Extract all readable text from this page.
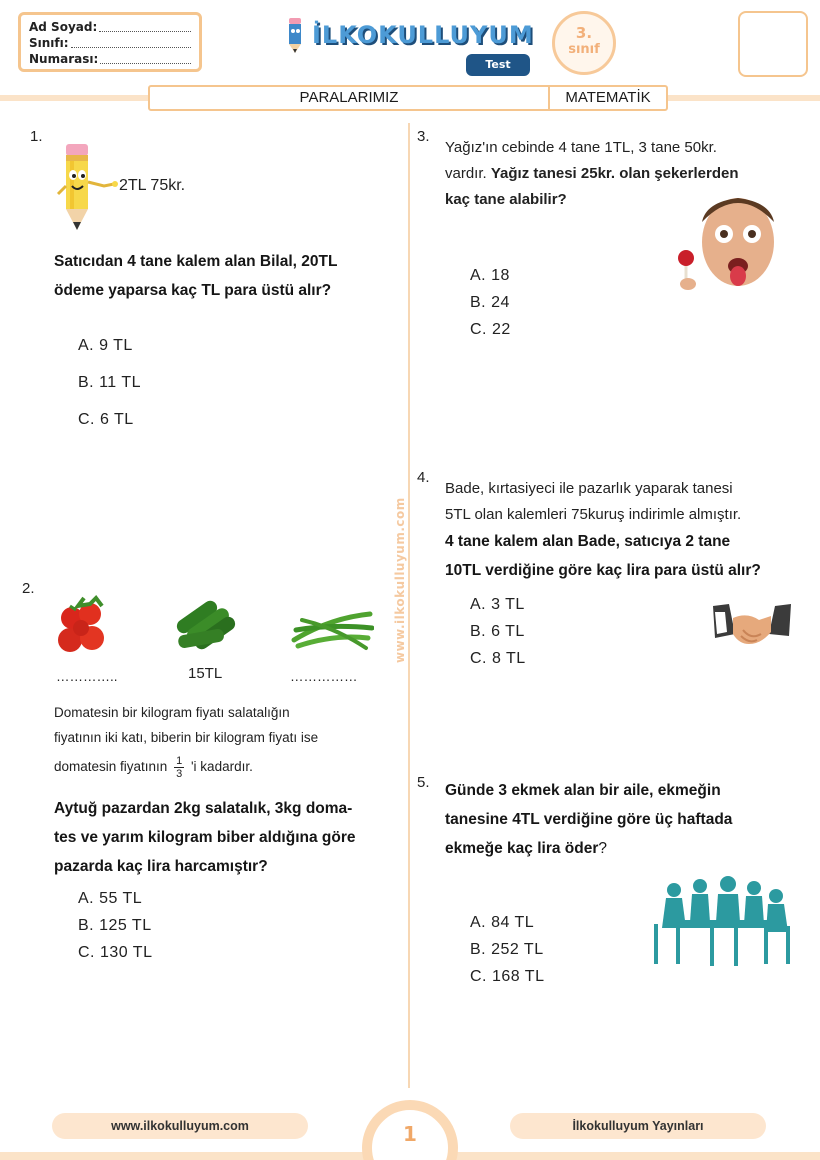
Ad Soyad:
Sınıfı:
Numarası:
İLKOKULLUYUM
Test
3.
sınıf
PARALARIMIZ	MATEMATİK
www.ilkokulluyum.com
1.
2TL 75kr.
Satıcıdan 4 tane kalem alan Bilal, 20TL
ödeme yaparsa kaç TL para üstü alır?
A. 9 TL
B. 11 TL
C. 6 TL
2.
…………..	15TL	……………
Domatesin bir kilogram fiyatı salatalığın
fiyatının iki katı, biberin bir kilogram fiyatı ise
domatesin fiyatının $\frac{1}{3}$ 'i kadardır.
Aytuğ pazardan 2kg salatalık, 3kg doma-
tes ve yarım kilogram biber aldığına göre
pazarda kaç lira harcamıştır?
A. 55 TL
B. 125 TL
C. 130 TL
3.
Yağız'ın cebinde 4 tane 1TL, 3 tane 50kr.
vardır. Yağız tanesi 25kr. olan şekerlerden
kaç tane alabilir?
A. 18
B. 24
C. 22
4.
Bade, kırtasiyeci ile pazarlık yaparak tanesi
5TL olan kalemleri 75kuruş indirimle almıştır.
4 tane kalem alan Bade, satıcıya 2 tane
10TL verdiğine göre kaç lira para üstü alır?
A. 3 TL
B. 6 TL
C. 8 TL
5. Günde 3 ekmek alan bir aile, ekmeğin
tanesine 4TL verdiğine göre üç haftada
ekmeğe kaç lira öder?
A. 84 TL
B. 252 TL
C. 168 TL
1
www.ilkokulluyum.com	İlkokulluyum Yayınları
